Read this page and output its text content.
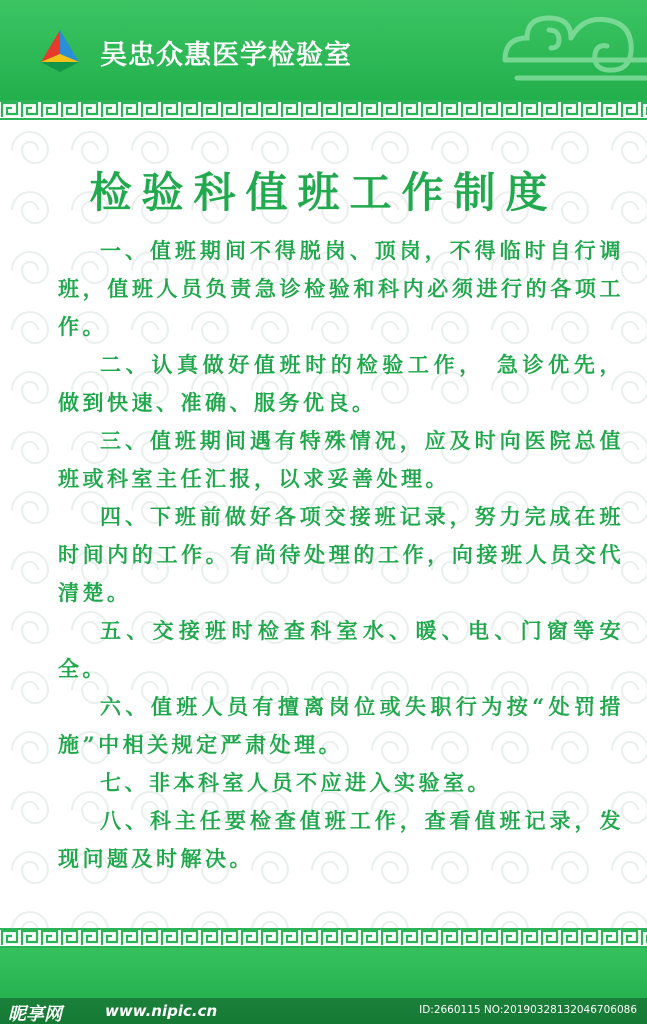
吴忠众惠医学检验室
检验科值班工作制度
一、值班期间不得脱岗、顶岗，不得临时自行调班，值班人员负责急诊检验和科内必须进行的各项工作。
二、认真做好值班时的检验工作， 急诊优先，做到快速、准确、服务优良。
三、值班期间遇有特殊情况，应及时向医院总值班或科室主任汇报，以求妥善处理。
四、下班前做好各项交接班记录，努力完成在班时间内的工作。有尚待处理的工作，向接班人员交代清楚。
五、交接班时检查科室水、暖、电、门窗等安全。
六、值班人员有擅离岗位或失职行为按“处罚措施”中相关规定严肃处理。
七、非本科室人员不应进入实验室。
八、科主任要检查值班工作，查看值班记录，发现问题及时解决。
昵享网	www.nipic.cn	ID:2660115 NO:20190328132046706086
